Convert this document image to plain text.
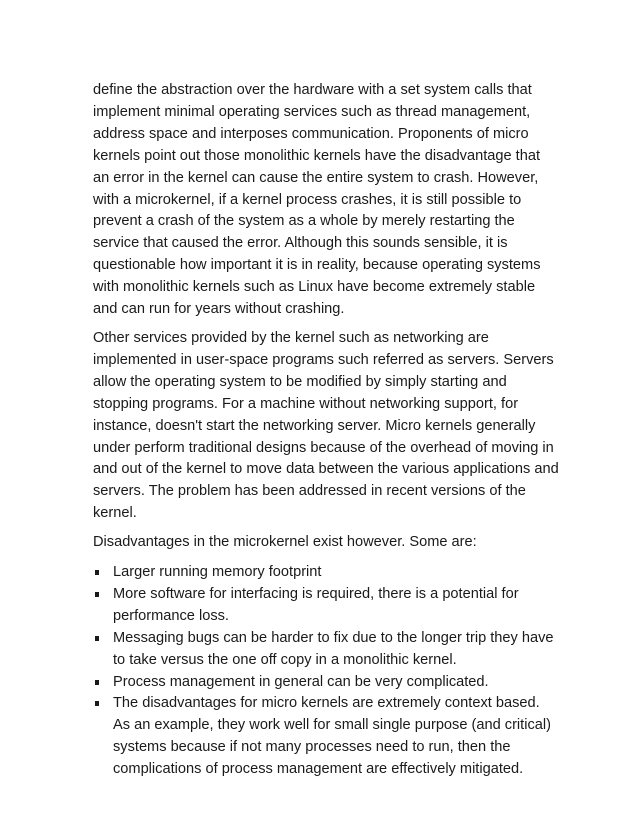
define the abstraction over the hardware with a set system calls that
implement minimal operating services such as thread management,
address space and interposes communication. Proponents of micro
kernels point out those monolithic kernels have the disadvantage that
an error in the kernel can cause the entire system to crash. However,
with a microkernel, if a kernel process crashes, it is still possible to
prevent a crash of the system as a whole by merely restarting the
service that caused the error. Although this sounds sensible, it is
questionable how important it is in reality, because operating systems
with monolithic kernels such as Linux have become extremely stable
and can run for years without crashing.

Other services provided by the kernel such as networking are
implemented in user-space programs such referred as servers. Servers
allow the operating system to be modified by simply starting and
stopping programs. For a machine without networking support, for
instance, doesn't start the networking server. Micro kernels generally
under perform traditional designs because of the overhead of moving in
and out of the kernel to move data between the various applications and
servers. The problem has been addressed in recent versions of the
kernel.

Disadvantages in the microkernel exist however. Some are:

Larger running memory footprint
More software for interfacing is required, there is a potential for
performance loss.
Messaging bugs can be harder to fix due to the longer trip they have
to take versus the one off copy in a monolithic kernel.
Process management in general can be very complicated.
The disadvantages for micro kernels are extremely context based.
As an example, they work well for small single purpose (and critical)
systems because if not many processes need to run, then the
complications of process management are effectively mitigated.
